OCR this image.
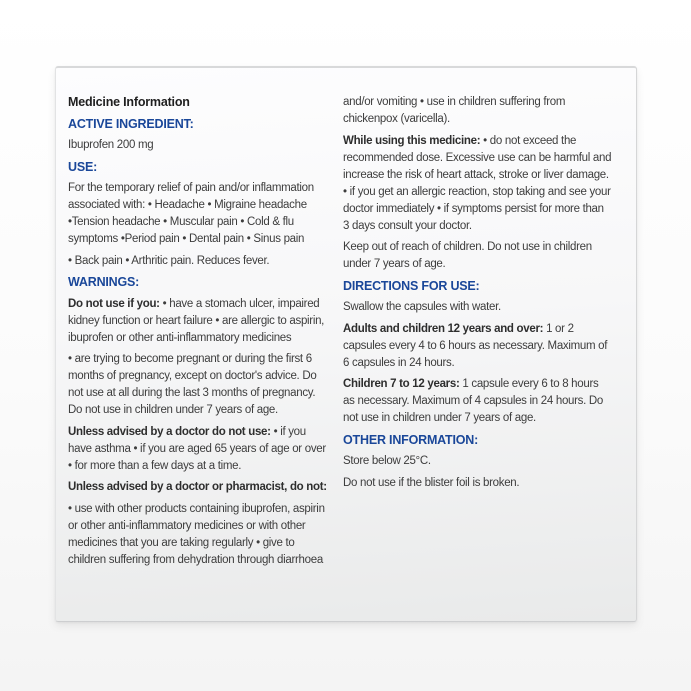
Medicine Information
ACTIVE INGREDIENT:

Ibuprofen 200 mg

USE:

For the temporary relief of pain and/or inflammation associated with: • Headache • Migraine headache •Tension headache • Muscular pain • Cold & flu symptoms •Period pain • Dental pain • Sinus pain

• Back pain • Arthritic pain. Reduces fever.

WARNINGS:

Do not use if you: • have a stomach ulcer, impaired kidney function or heart failure • are allergic to aspirin, ibuprofen or other anti-inflammatory medicines

• are trying to become pregnant or during the first 6 months of pregnancy, except on doctor's advice. Do not use at all during the last 3 months of pregnancy. Do not use in children under 7 years of age.

Unless advised by a doctor do not use: • if you have asthma • if you are aged 65 years of age or over • for more than a few days at a time.

Unless advised by a doctor or pharmacist, do not:

• use with other products containing ibuprofen, aspirin or other anti-inflammatory medicines or with other medicines that you are taking regularly • give to children suffering from dehydration through diarrhoea

and/or vomiting • use in children suffering from chickenpox (varicella).

While using this medicine: • do not exceed the recommended dose. Excessive use can be harmful and increase the risk of heart attack, stroke or liver damage. • if you get an allergic reaction, stop taking and see your doctor immediately • if symptoms persist for more than 3 days consult your doctor.

Keep out of reach of children. Do not use in children under 7 years of age.

DIRECTIONS FOR USE:

Swallow the capsules with water.

Adults and children 12 years and over: 1 or 2 capsules every 4 to 6 hours as necessary. Maximum of 6 capsules in 24 hours.

Children 7 to 12 years: 1 capsule every 6 to 8 hours as necessary. Maximum of 4 capsules in 24 hours. Do not use in children under 7 years of age.

OTHER INFORMATION:

Store below 25°C.

Do not use if the blister foil is broken.
